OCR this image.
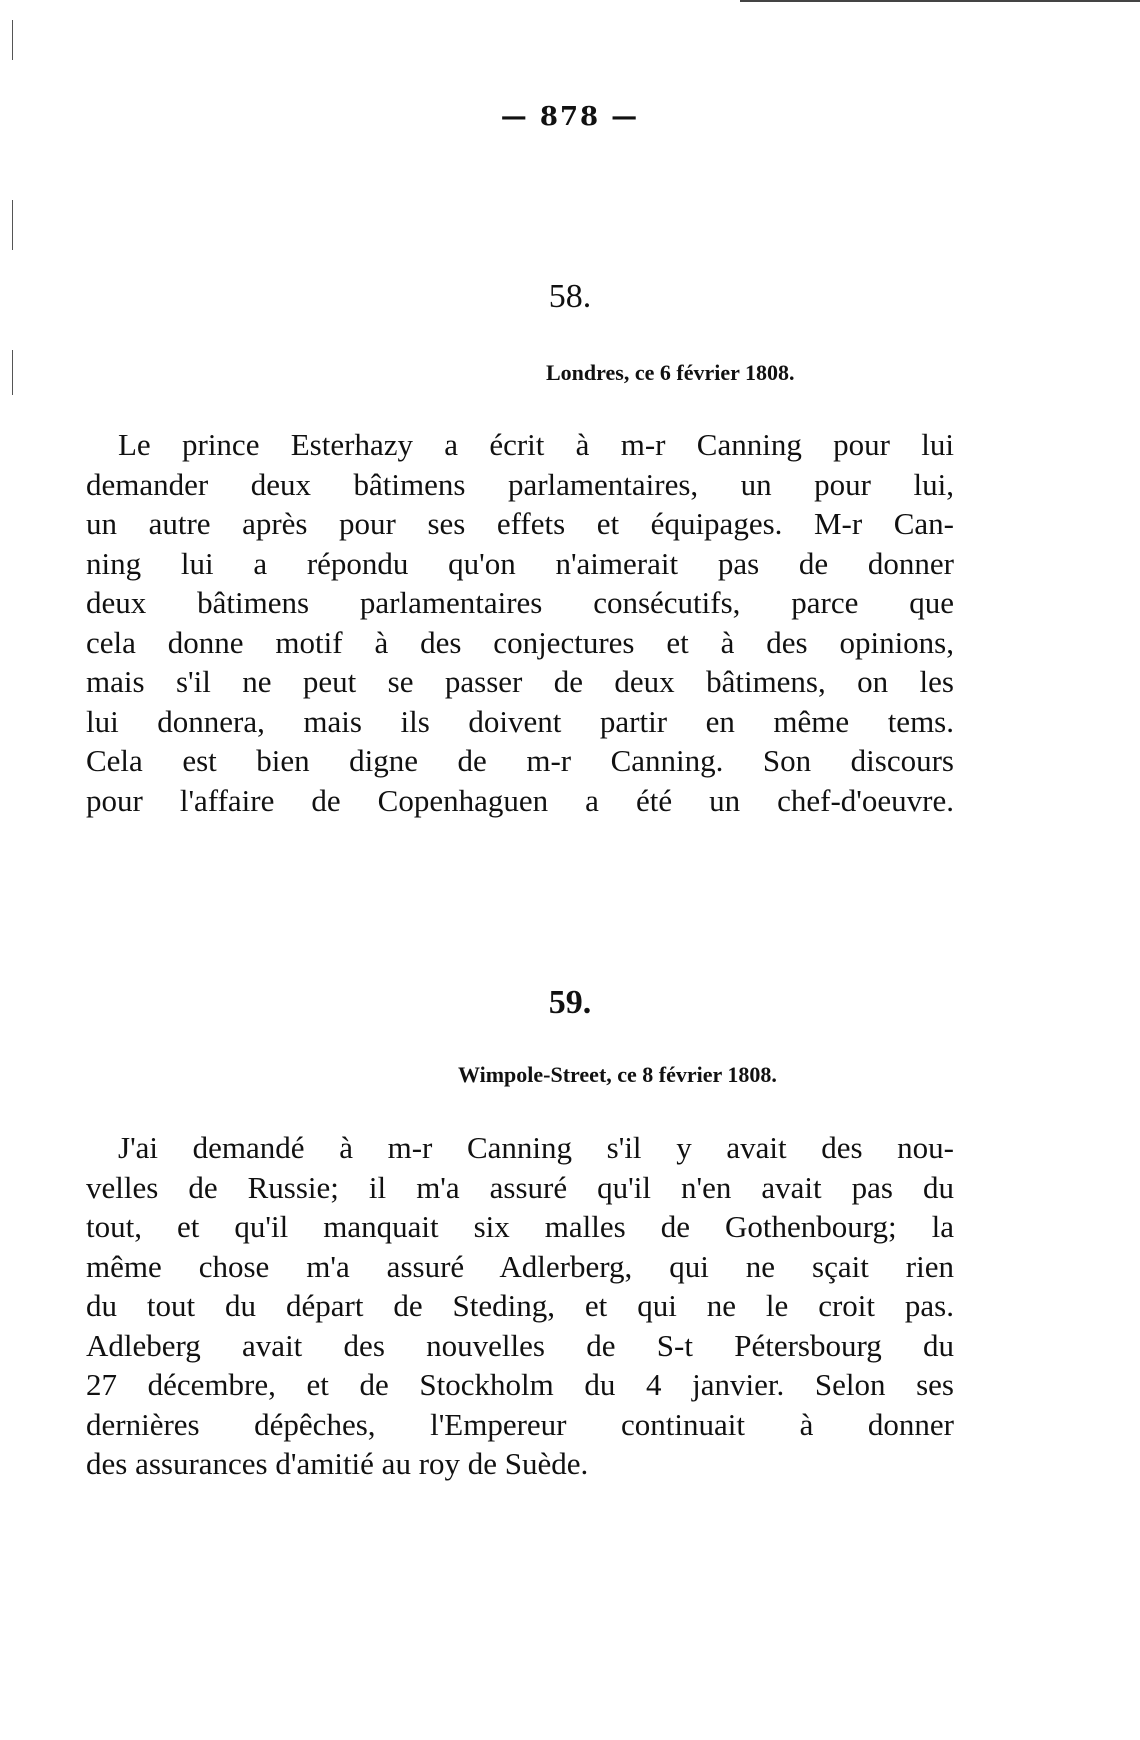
— 878 —
58.
Londres, ce 6 février 1808.
Le prince Esterhazy a écrit à m-r Canning pour lui
demander deux bâtimens parlamentaires, un pour lui,
un autre après pour ses effets et équipages. M-r Can-
ning lui a répondu qu'on n'aimerait pas de donner
deux bâtimens parlamentaires consécutifs, parce que
cela donne motif à des conjectures et à des opinions,
mais s'il ne peut se passer de deux bâtimens, on les
lui donnera, mais ils doivent partir en même tems.
Cela est bien digne de m-r Canning. Son discours
pour l'affaire de Copenhaguen a été un chef-d'oeuvre.
59.
Wimpole-Street, ce 8 février 1808.
J'ai demandé à m-r Canning s'il y avait des nou-
velles de Russie; il m'a assuré qu'il n'en avait pas du
tout, et qu'il manquait six malles de Gothenbourg; la
même chose m'a assuré Adlerberg, qui ne sçait rien
du tout du départ de Steding, et qui ne le croit pas.
Adleberg avait des nouvelles de S-t Pétersbourg du
27 décembre, et de Stockholm du 4 janvier. Selon ses
dernières dépêches, l'Empereur continuait à donner
des assurances d'amitié au roy de Suède.
